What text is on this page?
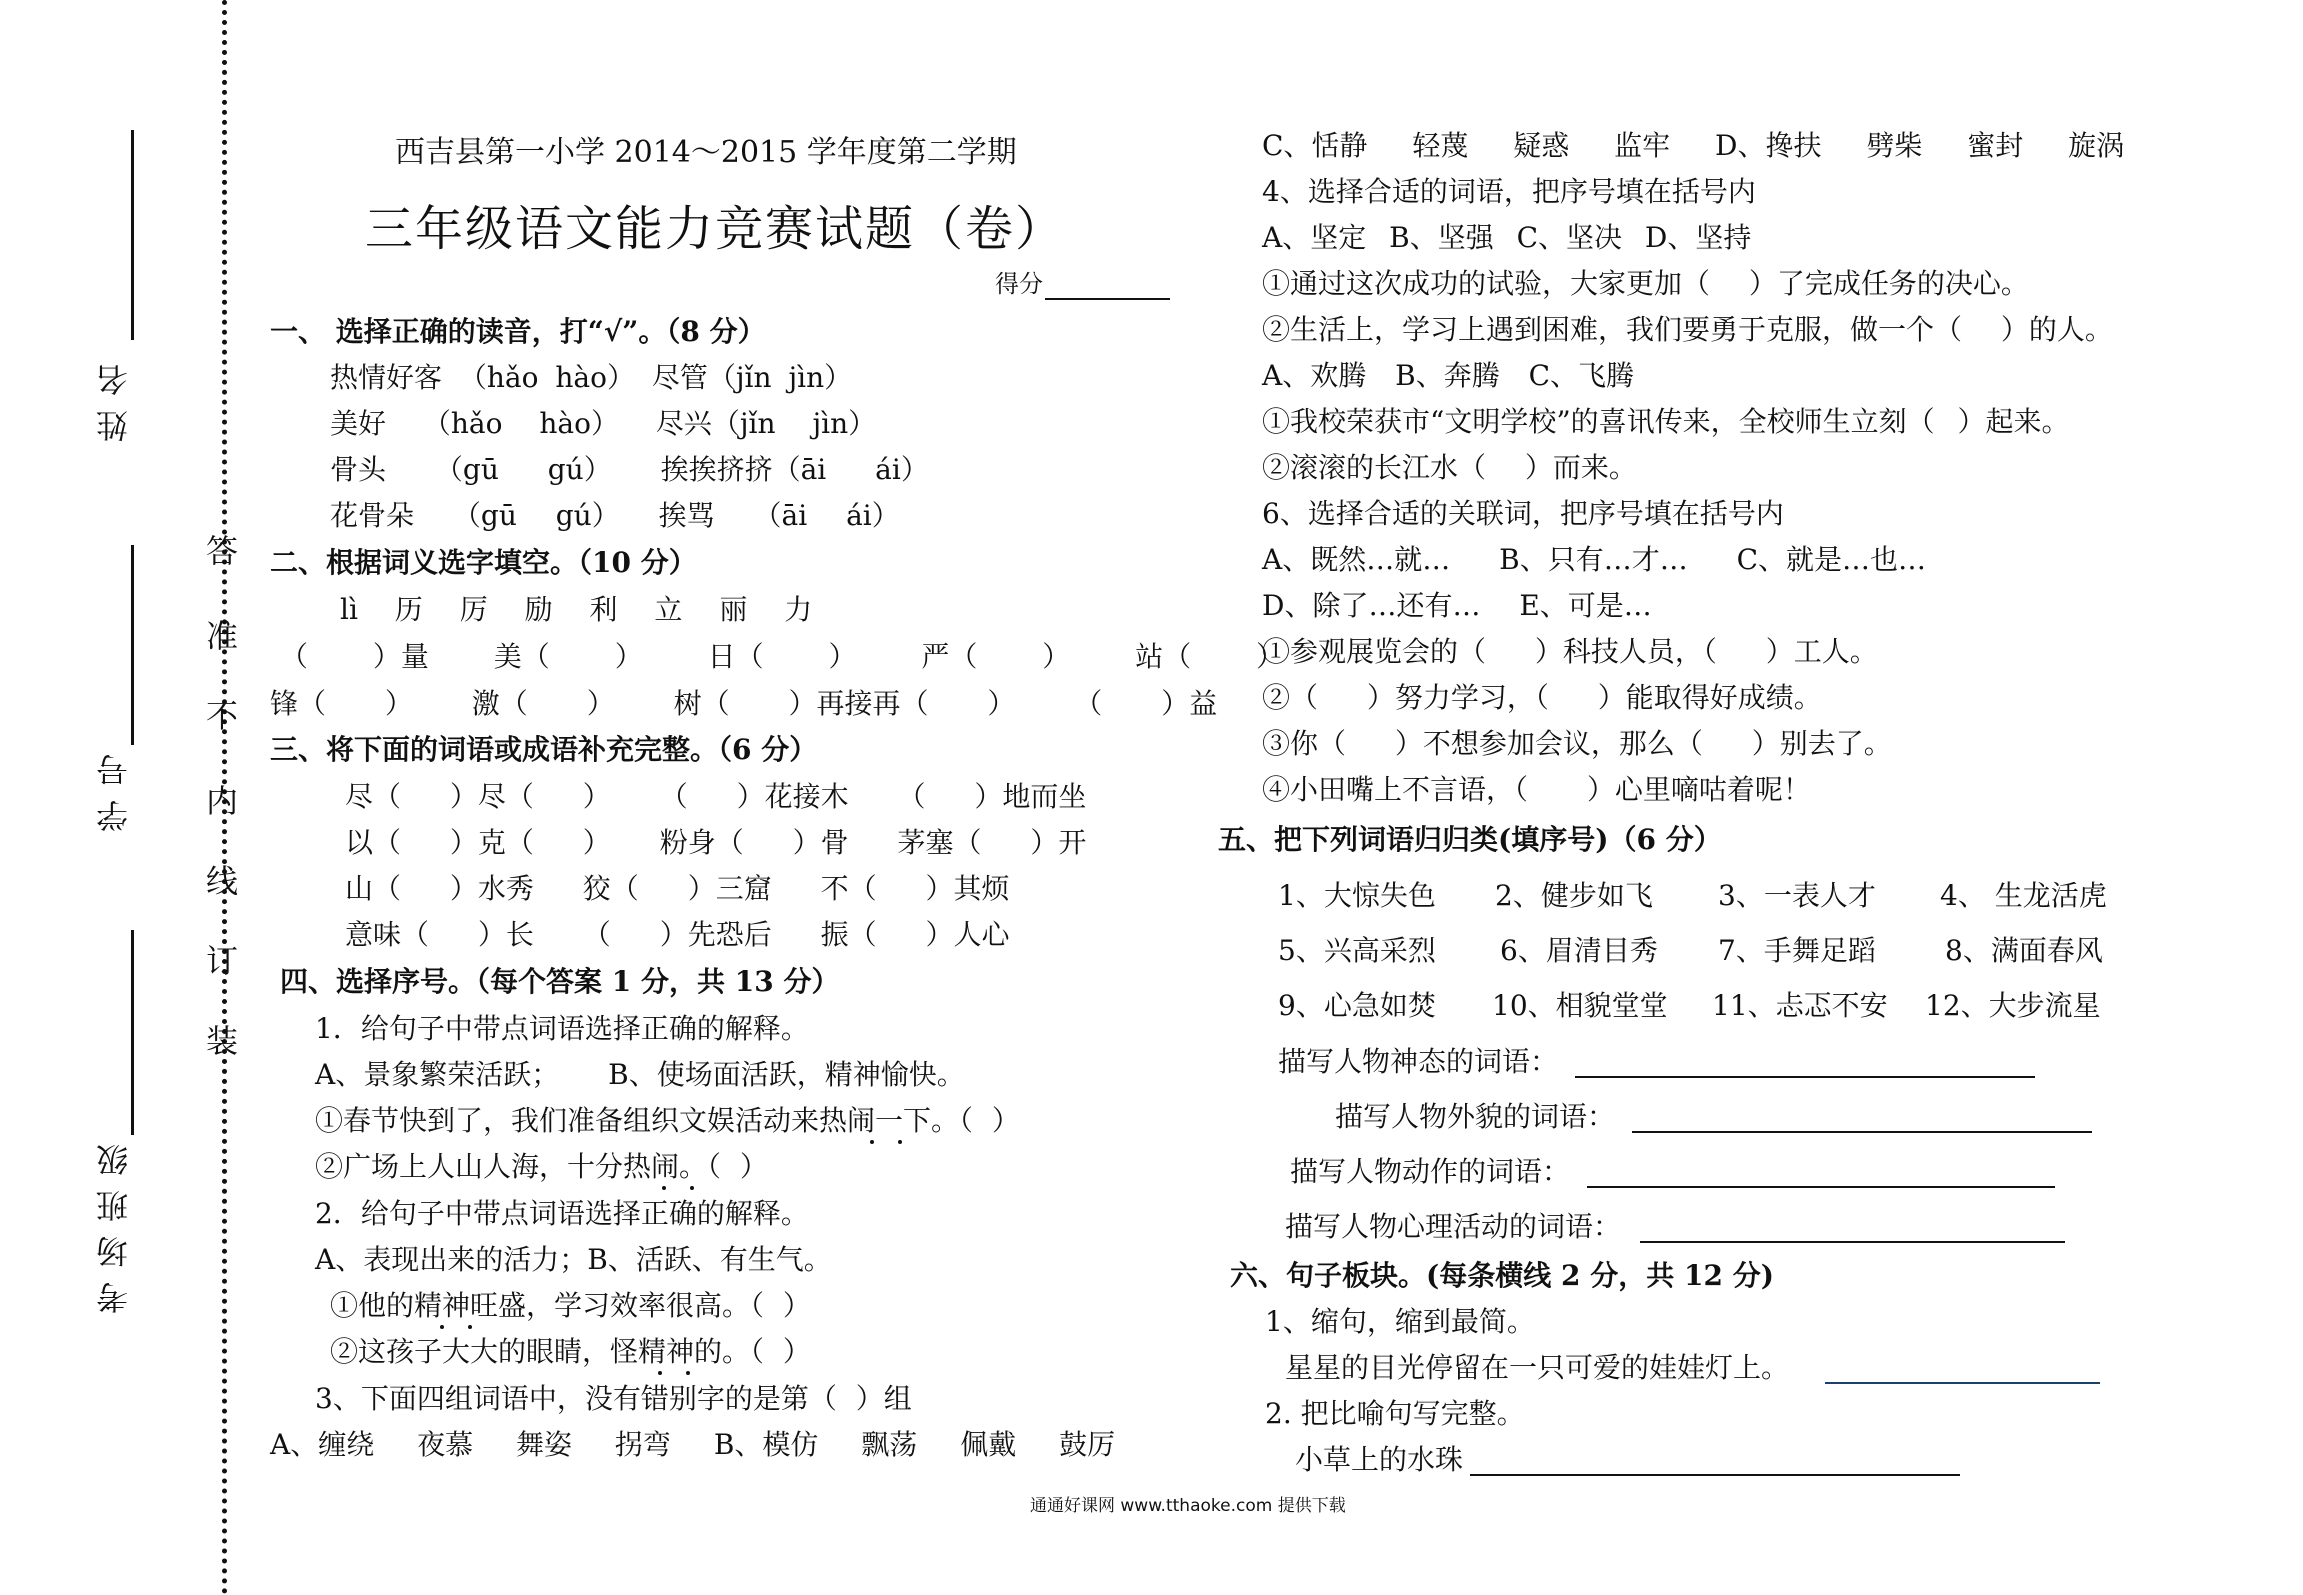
姓名
学号
考场班级
答
准
不
内
线
订
装
西吉县第一小学 2014～2015 学年度第二学期
三年级语文能力竞赛试题（卷）
得分
一、 选择正确的读音，打“√”。（8 分）
热情好客 （hǎo hào） 尽管（jǐn jìn）
美好 （hǎo hào） 尽兴（jǐn jìn）
骨头 （gū gú） 挨挨挤挤（āi ái）
花骨朵 （gū gú） 挨骂 （āi ái）
二、根据词义选字填空。（10 分）
lì 历 厉 励 利 立 丽 力
（ ）量 美（ ） 日（ ） 严（ ） 站（ ）
锋（ ） 激（ ） 树（ ）再接再（ ） （ ）益
三、将下面的词语或成语补充完整。（6 分）
尽（ ）尽（ ） （ ）花接木 （ ）地而坐
以（ ）克（ ） 粉身（ ）骨 茅塞（ ）开
山（ ）水秀 狡（ ）三窟 不（ ）其烦
意味（ ）长 （ ）先恐后 振（ ）人心
四、选择序号。（每个答案 1 分，共 13 分）
1．给句子中带点词语选择正确的解释。
A、景象繁荣活跃； B、使场面活跃，精神愉快。
①春节快到了，我们准备组织文娱活动来热闹一下。（ ）
②广场上人山人海，十分热闹。（ ）
2．给句子中带点词语选择正确的解释。
A、表现出来的活力；B、活跃、有生气。
①他的精神旺盛，学习效率很高。（ ）
②这孩子大大的眼睛，怪精神的。（ ）
3、下面四组词语中，没有错别字的是第（ ）组
A、缠绕 夜慕 舞姿 拐弯 B、模仿 飘荡 佩戴 鼓厉
C、恬静 轻蔑 疑惑 监牢 D、搀扶 劈柴 蜜封 旋涡
4、选择合适的词语，把序号填在括号内
A、坚定 B、坚强 C、坚决 D、坚持
①通过这次成功的试验，大家更加（ ）了完成任务的决心。
②生活上，学习上遇到困难，我们要勇于克服，做一个（ ）的人。
A、欢腾 B、奔腾 C、飞腾
①我校荣获市“文明学校”的喜讯传来，全校师生立刻（ ）起来。
②滚滚的长江水（ ）而来。
6、选择合适的关联词，把序号填在括号内
A、既然…就… B、只有…才… C、就是…也…
D、除了…还有… E、可是…
①参观展览会的（ ）科技人员，（ ）工人。
②（ ）努力学习，（ ）能取得好成绩。
③你（ ）不想参加会议，那么（ ）别去了。
④小田嘴上不言语，（ ）心里嘀咕着呢！
五、把下列词语归归类(填序号)（6 分）
1、大惊失色 2、健步如飞 3、一表人才 4、 生龙活虎
5、兴高采烈 6、眉清目秀 7、手舞足蹈 8、满面春风
9、心急如焚 10、相貌堂堂 11、忐忑不安 12、大步流星
描写人物神态的词语：
描写人物外貌的词语：
描写人物动作的词语：
描写人物心理活动的词语：
六、句子板块。(每条横线 2 分，共 12 分)
1、缩句，缩到最简。
星星的目光停留在一只可爱的娃娃灯上。
2. 把比喻句写完整。
小草上的水珠
通通好课网 www.tthaoke.com 提供下载
